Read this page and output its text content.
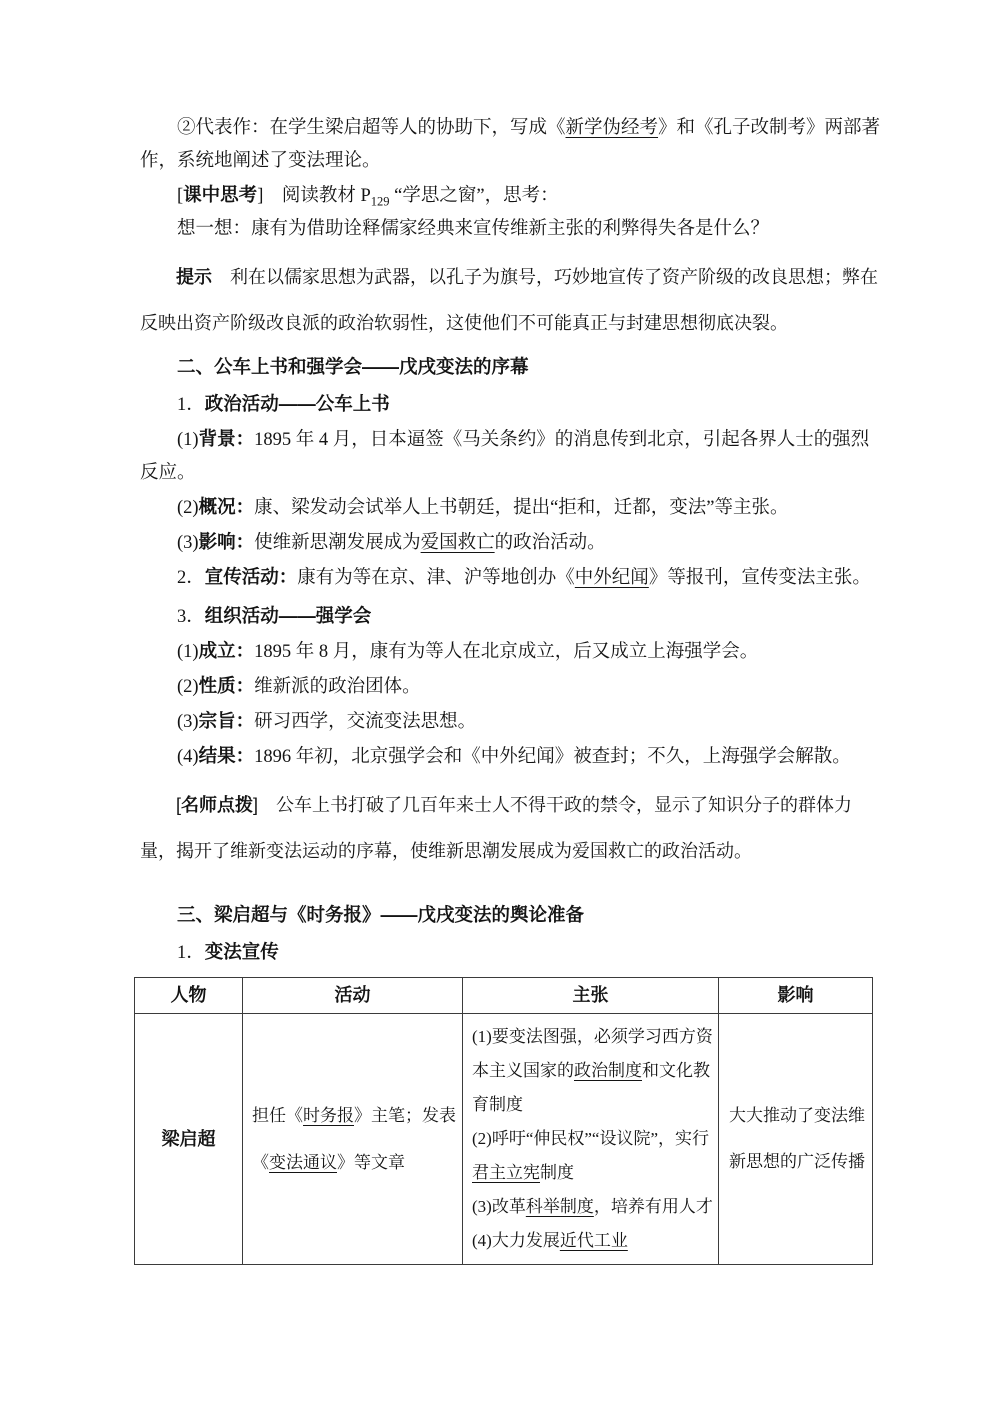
②代表作：在学生梁启超等人的协助下，写成《新学伪经考》和《孔子改制考》两部著作，系统地阐述了变法理论。

[课中思考]　阅读教材 $P_{129}$ “学思之窗”，思考：

想一想：康有为借助诠释儒家经典来宣传维新主张的利弊得失各是什么？

提示　利在以儒家思想为武器，以孔子为旗号，巧妙地宣传了资产阶级的改良思想；弊在反映出资产阶级改良派的政治软弱性，这使他们不可能真正与封建思想彻底决裂。

二、公车上书和强学会——戊戌变法的序幕

1．政治活动——公车上书

(1)背景：1895 年 4 月，日本逼签《马关条约》的消息传到北京，引起各界人士的强烈反应。

(2)概况：康、梁发动会试举人上书朝廷，提出“拒和，迁都，变法”等主张。

(3)影响：使维新思潮发展成为爱国救亡的政治活动。

2．宣传活动：康有为等在京、津、沪等地创办《中外纪闻》等报刊，宣传变法主张。

3．组织活动——强学会

(1)成立：1895 年 8 月，康有为等人在北京成立，后又成立上海强学会。

(2)性质：维新派的政治团体。

(3)宗旨：研习西学，交流变法思想。

(4)结果：1896 年初，北京强学会和《中外纪闻》被查封；不久，上海强学会解散。

[名师点拨]　公车上书打破了几百年来士人不得干政的禁令，显示了知识分子的群体力量，揭开了维新变法运动的序幕，使维新思潮发展成为爱国救亡的政治活动。

三、梁启超与《时务报》——戊戌变法的舆论准备

1．变法宣传

人物	活动	主张	影响
梁启超	担任《时务报》主笔；发表《变法通议》等文章	(1)要变法图强，必须学习西方资本主义国家的政治制度和文化教育制度

(2)呼吁“伸民权”“设议院”，实行君主立宪制度

(3)改革科举制度，培养有用人才

(4)大力发展近代工业	大大推动了变法维新思想的广泛传播
